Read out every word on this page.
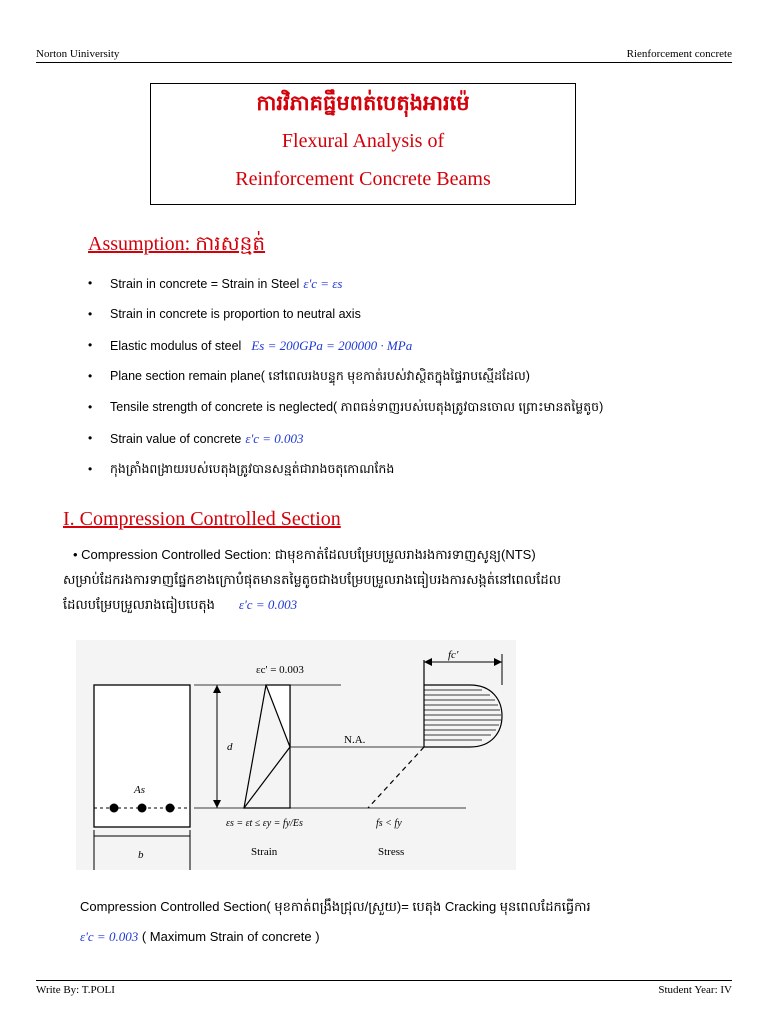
Norton Uiniversity	Rienforcement concrete
ការវិភាគធ្នឹមពត់បេតុងអារម៉េ
Flexural Analysis of
Reinforcement Concrete Beams
Assumption: ការសន្មត់
• Strain in concrete = Strain in Steel ε'c = εs
• Strain in concrete is proportion to neutral axis
• Elastic modulus of steel Es = 200GPa = 200000 · MPa
• Plane section remain plane( នៅពេលរងបន្ទុក មុខកាត់របស់វាស្ថិតក្នុងផ្ទៃរាបស្មើដដែល)
• Tensile strength of concrete is neglected( ភាពធន់ទាញរបស់បេតុងត្រូវបានចោល ព្រោះមានតម្លៃតូច)
• Strain value of concrete ε'c = 0.003
• កុងត្រាំងពង្រាយរបស់បេតុងត្រូវបានសន្មត់ជារាងចតុកោណកែង
I. Compression Controlled Section
• Compression Controlled Section: ជាមុខកាត់ដែលបម្រែបម្រួលរាងរងការទាញសូន្យ(NTS)
សម្រាប់ដែករងការទាញផ្នែកខាងក្រោបំផុតមានតម្លៃតូចជាងបម្រែបម្រួលរាងធៀបរងការសង្កត់នៅពេលដែល
ដែលបម្រែបម្រួលរាងធៀបបេតុង ε'c = 0.003
As
b
d
εc' = 0.003
N.A.
fc'
εs = εt ≤ εy = fy/Es	fs < fy
Strain	Stress
Compression Controlled Section( មុខកាត់ពង្រឹងជ្រុល/ស្រួយ)= បេតុង Cracking មុនពេលដែកធ្វើការ
ε'c = 0.003 ( Maximum Strain of concrete )
Write By: T.POLI	Student Year: IV
